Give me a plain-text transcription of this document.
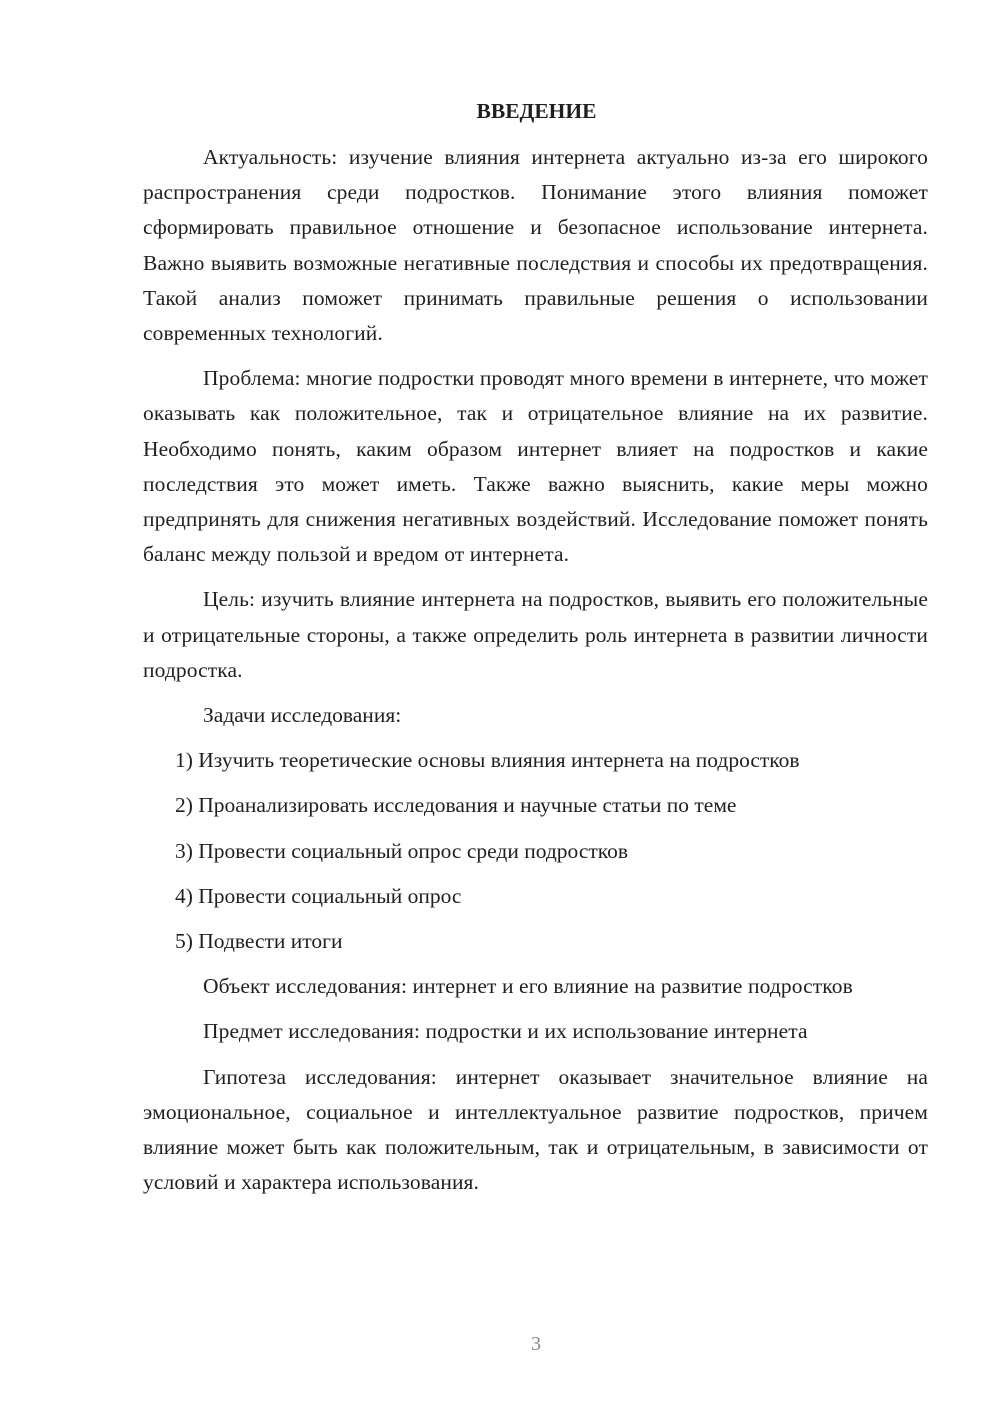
ВВЕДЕНИЕ

Актуальность: изучение влияния интернета актуально из-за его широкого распространения среди подростков. Понимание этого влияния поможет сформировать правильное отношение и безопасное использование интернета. Важно выявить возможные негативные последствия и способы их предотвращения. Такой анализ поможет принимать правильные решения о использовании современных технологий.

Проблема: многие подростки проводят много времени в интернете, что может оказывать как положительное, так и отрицательное влияние на их развитие. Необходимо понять, каким образом интернет влияет на подростков и какие последствия это может иметь. Также важно выяснить, какие меры можно предпринять для снижения негативных воздействий. Исследование поможет понять баланс между пользой и вредом от интернета.

Цель: изучить влияние интернета на подростков, выявить его положительные и отрицательные стороны, а также определить роль интернета в развитии личности подростка.

Задачи исследования:

1) Изучить теоретические основы влияния интернета на подростков

2) Проанализировать исследования и научные статьи по теме

3) Провести социальный опрос среди подростков

4) Провести социальный опрос

5) Подвести итоги

Объект исследования: интернет и его влияние на развитие подростков

Предмет исследования: подростки и их использование интернета

Гипотеза исследования: интернет оказывает значительное влияние на эмоциональное, социальное и интеллектуальное развитие подростков, причем влияние может быть как положительным, так и отрицательным, в зависимости от условий и характера использования.

3
